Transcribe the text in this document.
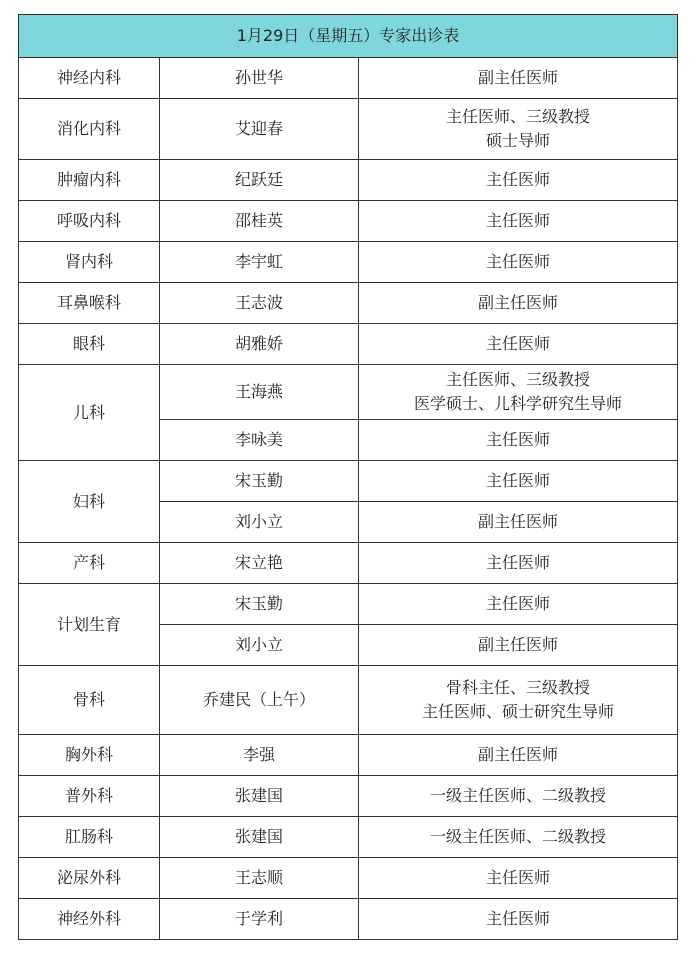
1月29日（星期五）专家出诊表		
神经内科	孙世华	副主任医师

消化内科	艾迎春	主任医师、三级教授
硕士导师

肿瘤内科	纪跃廷	主任医师

呼吸内科	邵桂英	主任医师

肾内科	李宇虹	主任医师

耳鼻喉科	王志波	副主任医师

眼科	胡雅娇	主任医师

儿科	王海燕	主任医师、三级教授
医学硕士、儿科学研究生导师

	李咏美	主任医师

妇科	宋玉勤	主任医师

	刘小立	副主任医师

产科	宋立艳	主任医师

计划生育	宋玉勤	主任医师

	刘小立	副主任医师

骨科	乔建民（上午）	骨科主任、三级教授
主任医师、硕士研究生导师

胸外科	李强	副主任医师

普外科	张建国	一级主任医师、二级教授

肛肠科	张建国	一级主任医师、二级教授

泌尿外科	王志顺	主任医师

神经外科	于学利	主任医师
